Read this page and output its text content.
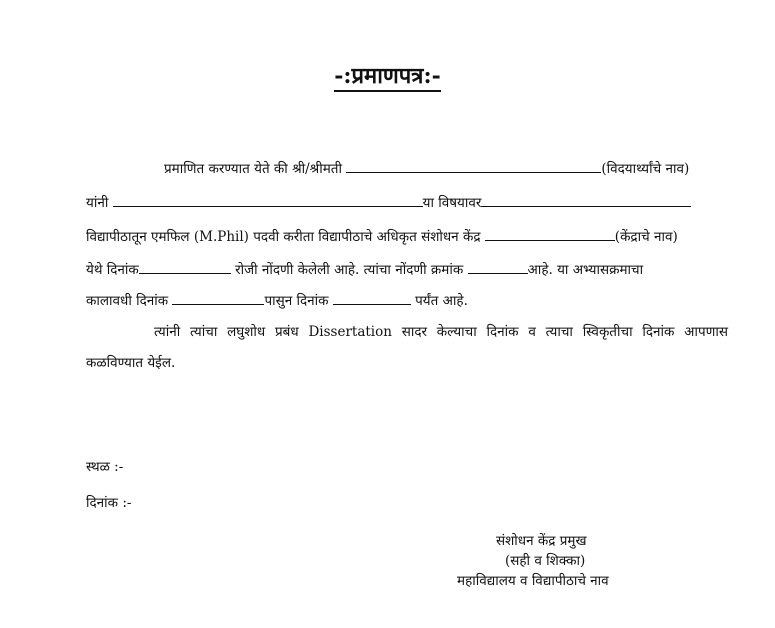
-:प्रमाणपत्र:-
प्रमाणित करण्यात येते की श्री/श्रीमती	(विदयार्थ्यांचे नाव)
यांनी	या विषयावर
विद्यापीठातून एमफिल (M.Phil) पदवी करीता विद्यापीठाचे अधिकृत संशोधन केंद्र	(केंद्राचे नाव)
येथे दिनांक	रोजी नोंदणी केलेली आहे. त्यांचा नोंदणी क्रमांक	आहे. या अभ्यासक्रमाचा
कालावधी दिनांक	पासुन दिनांक	पर्यंत आहे.
त्यांनी त्यांचा लघुशोध प्रबंध Dissertation सादर केल्याचा दिनांक व त्याचा स्विकृतीचा दिनांक आपणास
कळविण्यात येईल.
स्थळ :-
दिनांक :-
संशोधन केंद्र प्रमुख
(सही व शिक्का)
महाविद्यालय व विद्यापीठाचे नाव
